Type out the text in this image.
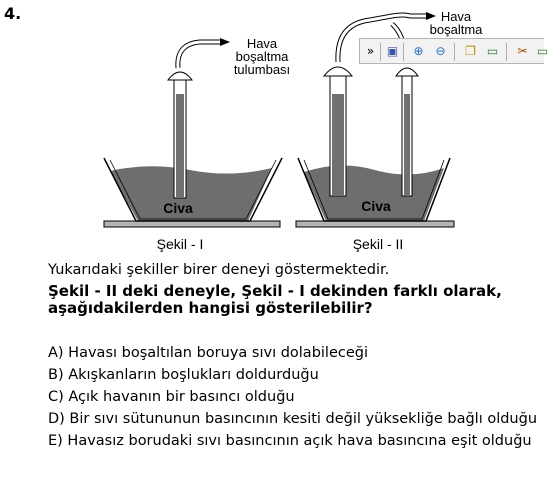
4.
Hava
boşaltma
tulumbası
Civa
Şekil - I
Hava
boşaltma
Civa
Şekil - II
»	▣ ⊕ ⊖ ❐ ▭ ✂ ▭
Yukarıdaki şekiller birer deneyi göstermektedir.
Şekil - II deki deneyle, Şekil - I dekinden farklı olarak, aşağıdakilerden hangisi gösterilebilir?
A) Havası boşaltılan boruya sıvı dolabileceği
B) Akışkanların boşlukları doldurduğu
C) Açık havanın bir basıncı olduğu
D) Bir sıvı sütununun basıncının kesiti değil yüksekliğe bağlı olduğu
E) Havasız borudaki sıvı basıncının açık hava basıncına eşit olduğu
